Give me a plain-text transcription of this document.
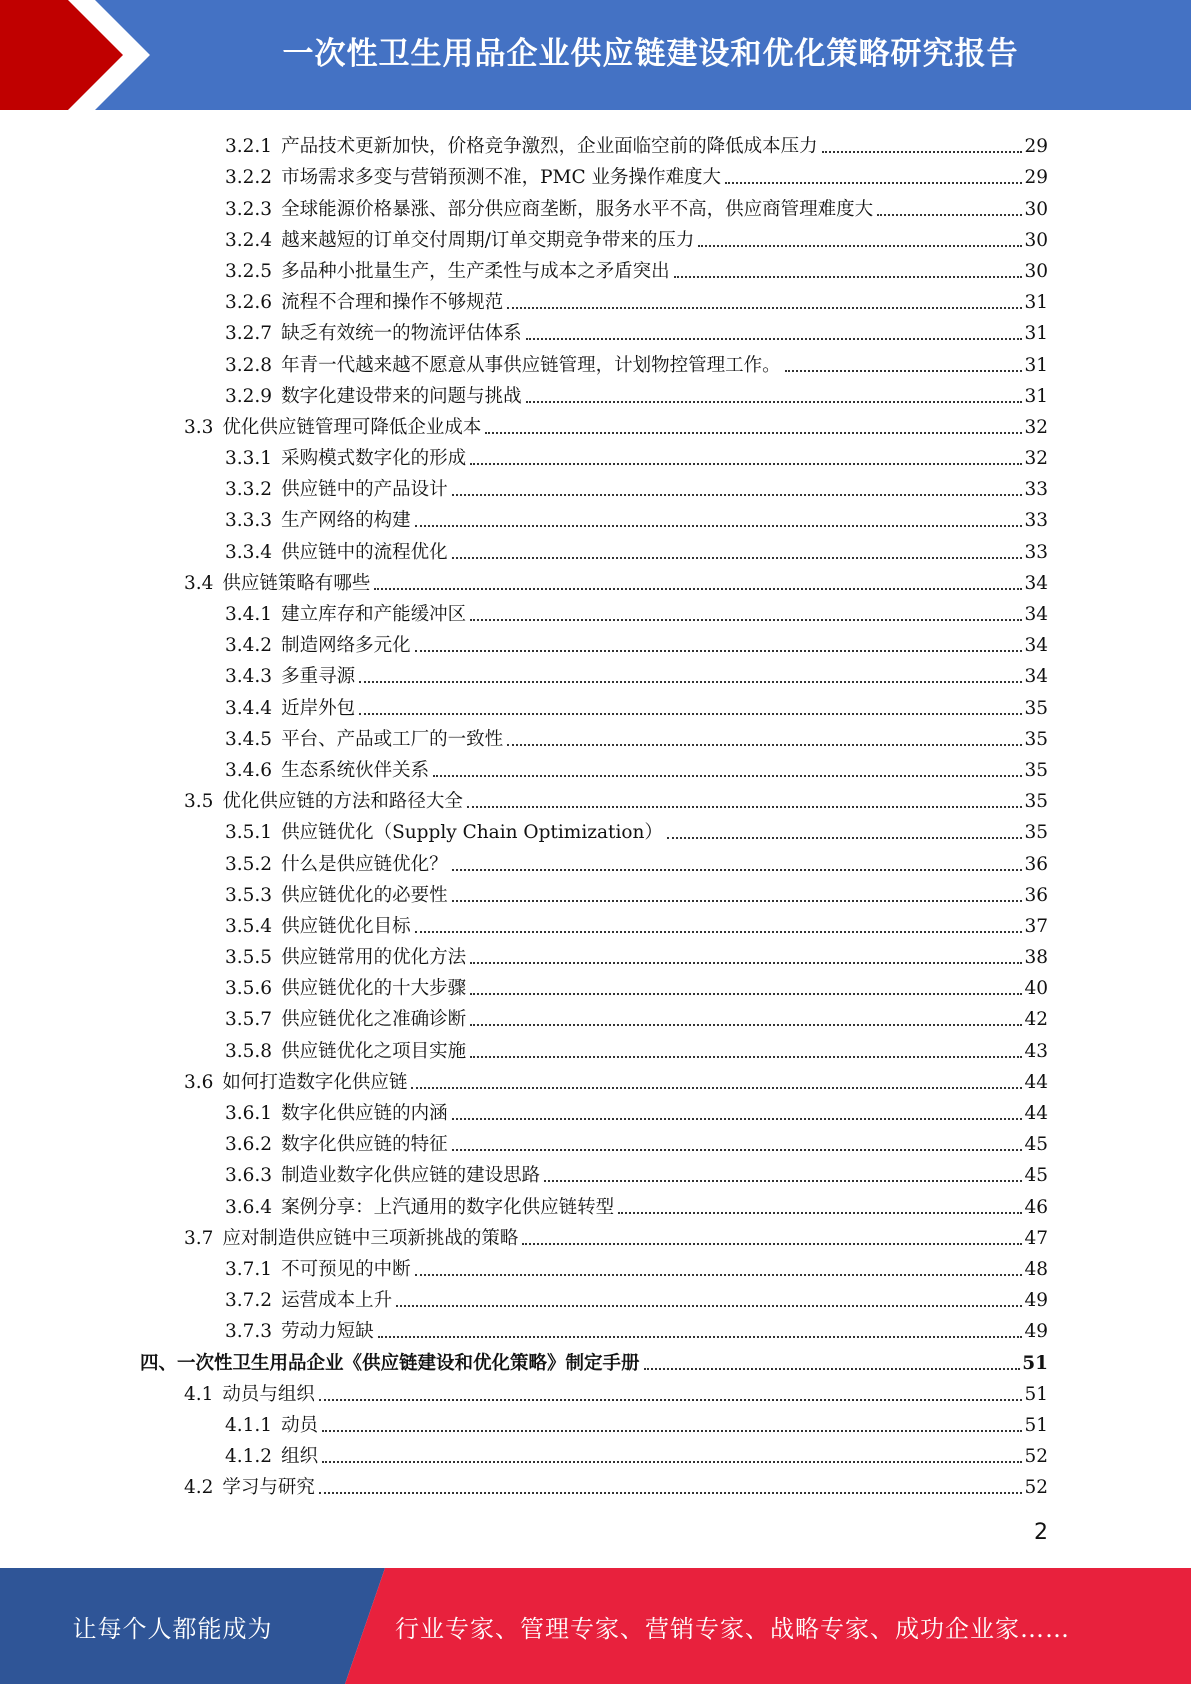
一次性卫生用品企业供应链建设和优化策略研究报告
3.2.1 产品技术更新加快，价格竞争激烈，企业面临空前的降低成本压力	29
3.2.2 市场需求多变与营销预测不准，PMC 业务操作难度大	29
3.2.3 全球能源价格暴涨、部分供应商垄断，服务水平不高，供应商管理难度大	30
3.2.4 越来越短的订单交付周期/订单交期竞争带来的压力	30
3.2.5 多品种小批量生产，生产柔性与成本之矛盾突出	30
3.2.6 流程不合理和操作不够规范	31
3.2.7 缺乏有效统一的物流评估体系	31
3.2.8 年青一代越来越不愿意从事供应链管理，计划物控管理工作。	31
3.2.9 数字化建设带来的问题与挑战	31
3.3 优化供应链管理可降低企业成本	32
3.3.1 采购模式数字化的形成	32
3.3.2 供应链中的产品设计	33
3.3.3 生产网络的构建	33
3.3.4 供应链中的流程优化	33
3.4 供应链策略有哪些	34
3.4.1 建立库存和产能缓冲区	34
3.4.2 制造网络多元化	34
3.4.3 多重寻源	34
3.4.4 近岸外包	35
3.4.5 平台、产品或工厂的一致性	35
3.4.6 生态系统伙伴关系	35
3.5 优化供应链的方法和路径大全	35
3.5.1 供应链优化（Supply Chain Optimization）	35
3.5.2 什么是供应链优化？	36
3.5.3 供应链优化的必要性	36
3.5.4 供应链优化目标	37
3.5.5 供应链常用的优化方法	38
3.5.6 供应链优化的十大步骤	40
3.5.7 供应链优化之准确诊断	42
3.5.8 供应链优化之项目实施	43
3.6 如何打造数字化供应链	44
3.6.1 数字化供应链的内涵	44
3.6.2 数字化供应链的特征	45
3.6.3 制造业数字化供应链的建设思路	45
3.6.4 案例分享：上汽通用的数字化供应链转型	46
3.7 应对制造供应链中三项新挑战的策略	47
3.7.1 不可预见的中断	48
3.7.2 运营成本上升	49
3.7.3 劳动力短缺	49
四、一次性卫生用品企业《供应链建设和优化策略》制定手册	51
4.1 动员与组织	51
4.1.1 动员	51
4.1.2 组织	52
4.2 学习与研究	52
2
让每个人都能成为	行业专家、管理专家、营销专家、战略专家、成功企业家……
